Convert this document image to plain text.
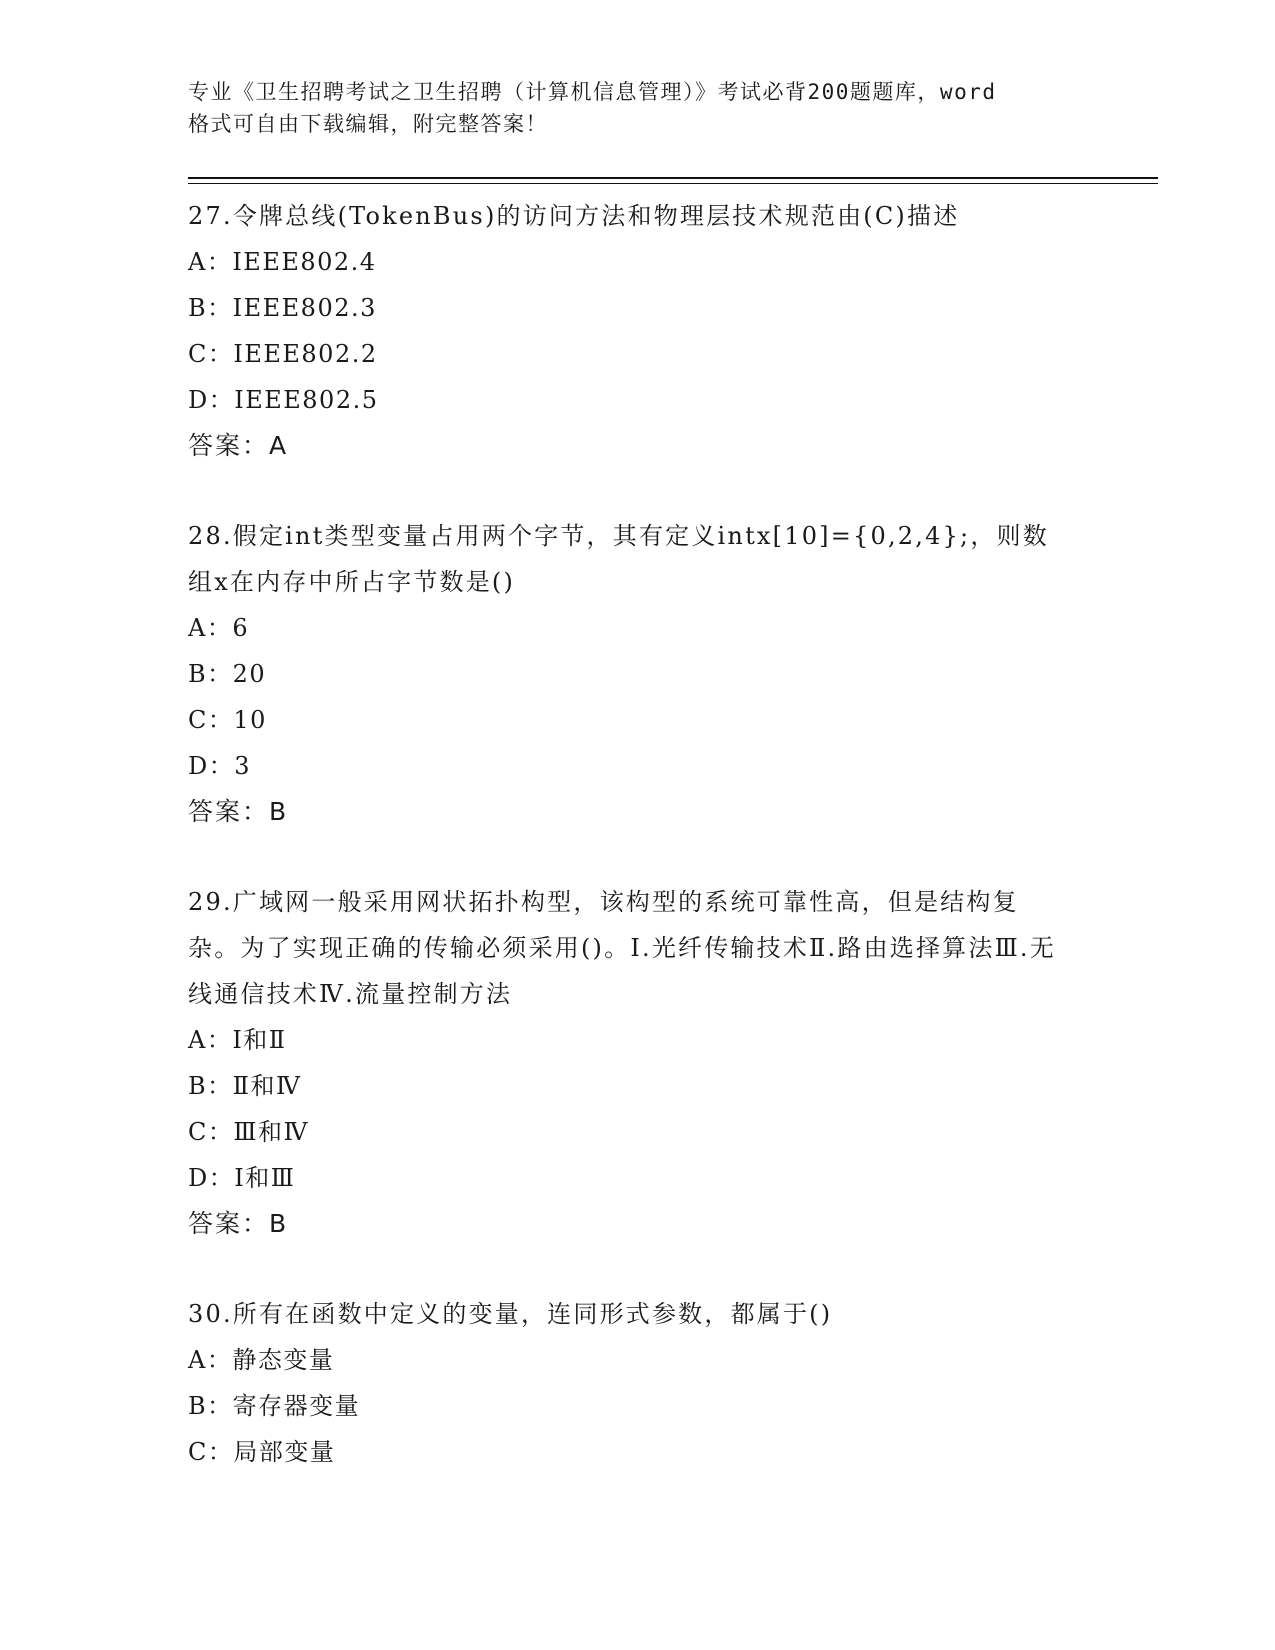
专业《卫生招聘考试之卫生招聘（计算机信息管理）》考试必背200题题库，word
格式可自由下载编辑，附完整答案！

27.令牌总线(TokenBus)的访问方法和物理层技术规范由(C)描述

A：IEEE802.4

B：IEEE802.3

C：IEEE802.2

D：IEEE802.5

答案：A

28.假定int类型变量占用两个字节，其有定义intx[10]={0,2,4};，则数组x在内存中所占字节数是()

A：6

B：20

C：10

D：3

答案：B

29.广域网一般采用网状拓扑构型，该构型的系统可靠性高，但是结构复杂。为了实现正确的传输必须采用()。Ⅰ.光纤传输技术Ⅱ.路由选择算法Ⅲ.无线通信技术Ⅳ.流量控制方法

A：Ⅰ和Ⅱ

B：Ⅱ和Ⅳ

C：Ⅲ和Ⅳ

D：Ⅰ和Ⅲ

答案：B

30.所有在函数中定义的变量，连同形式参数，都属于()

A：静态变量

B：寄存器变量

C：局部变量
